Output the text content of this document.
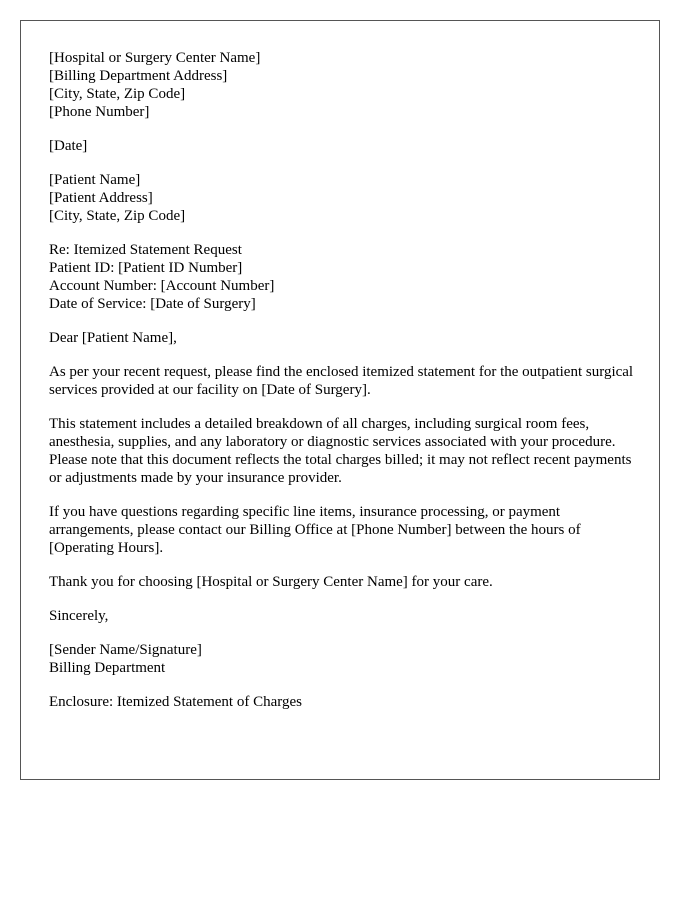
[Hospital or Surgery Center Name]
[Billing Department Address]
[City, State, Zip Code]
[Phone Number]
[Date]
[Patient Name]
[Patient Address]
[City, State, Zip Code]
Re: Itemized Statement Request
Patient ID: [Patient ID Number]
Account Number: [Account Number]
Date of Service: [Date of Surgery]
Dear [Patient Name],

As per your recent request, please find the enclosed itemized statement for the outpatient surgical services provided at our facility on [Date of Surgery].

This statement includes a detailed breakdown of all charges, including surgical room fees, anesthesia, supplies, and any laboratory or diagnostic services associated with your procedure. Please note that this document reflects the total charges billed; it may not reflect recent payments or adjustments made by your insurance provider.

If you have questions regarding specific line items, insurance processing, or payment arrangements, please contact our Billing Office at [Phone Number] between the hours of [Operating Hours].

Thank you for choosing [Hospital or Surgery Center Name] for your care.

Sincerely,
[Sender Name/Signature]
Billing Department
Enclosure: Itemized Statement of Charges
